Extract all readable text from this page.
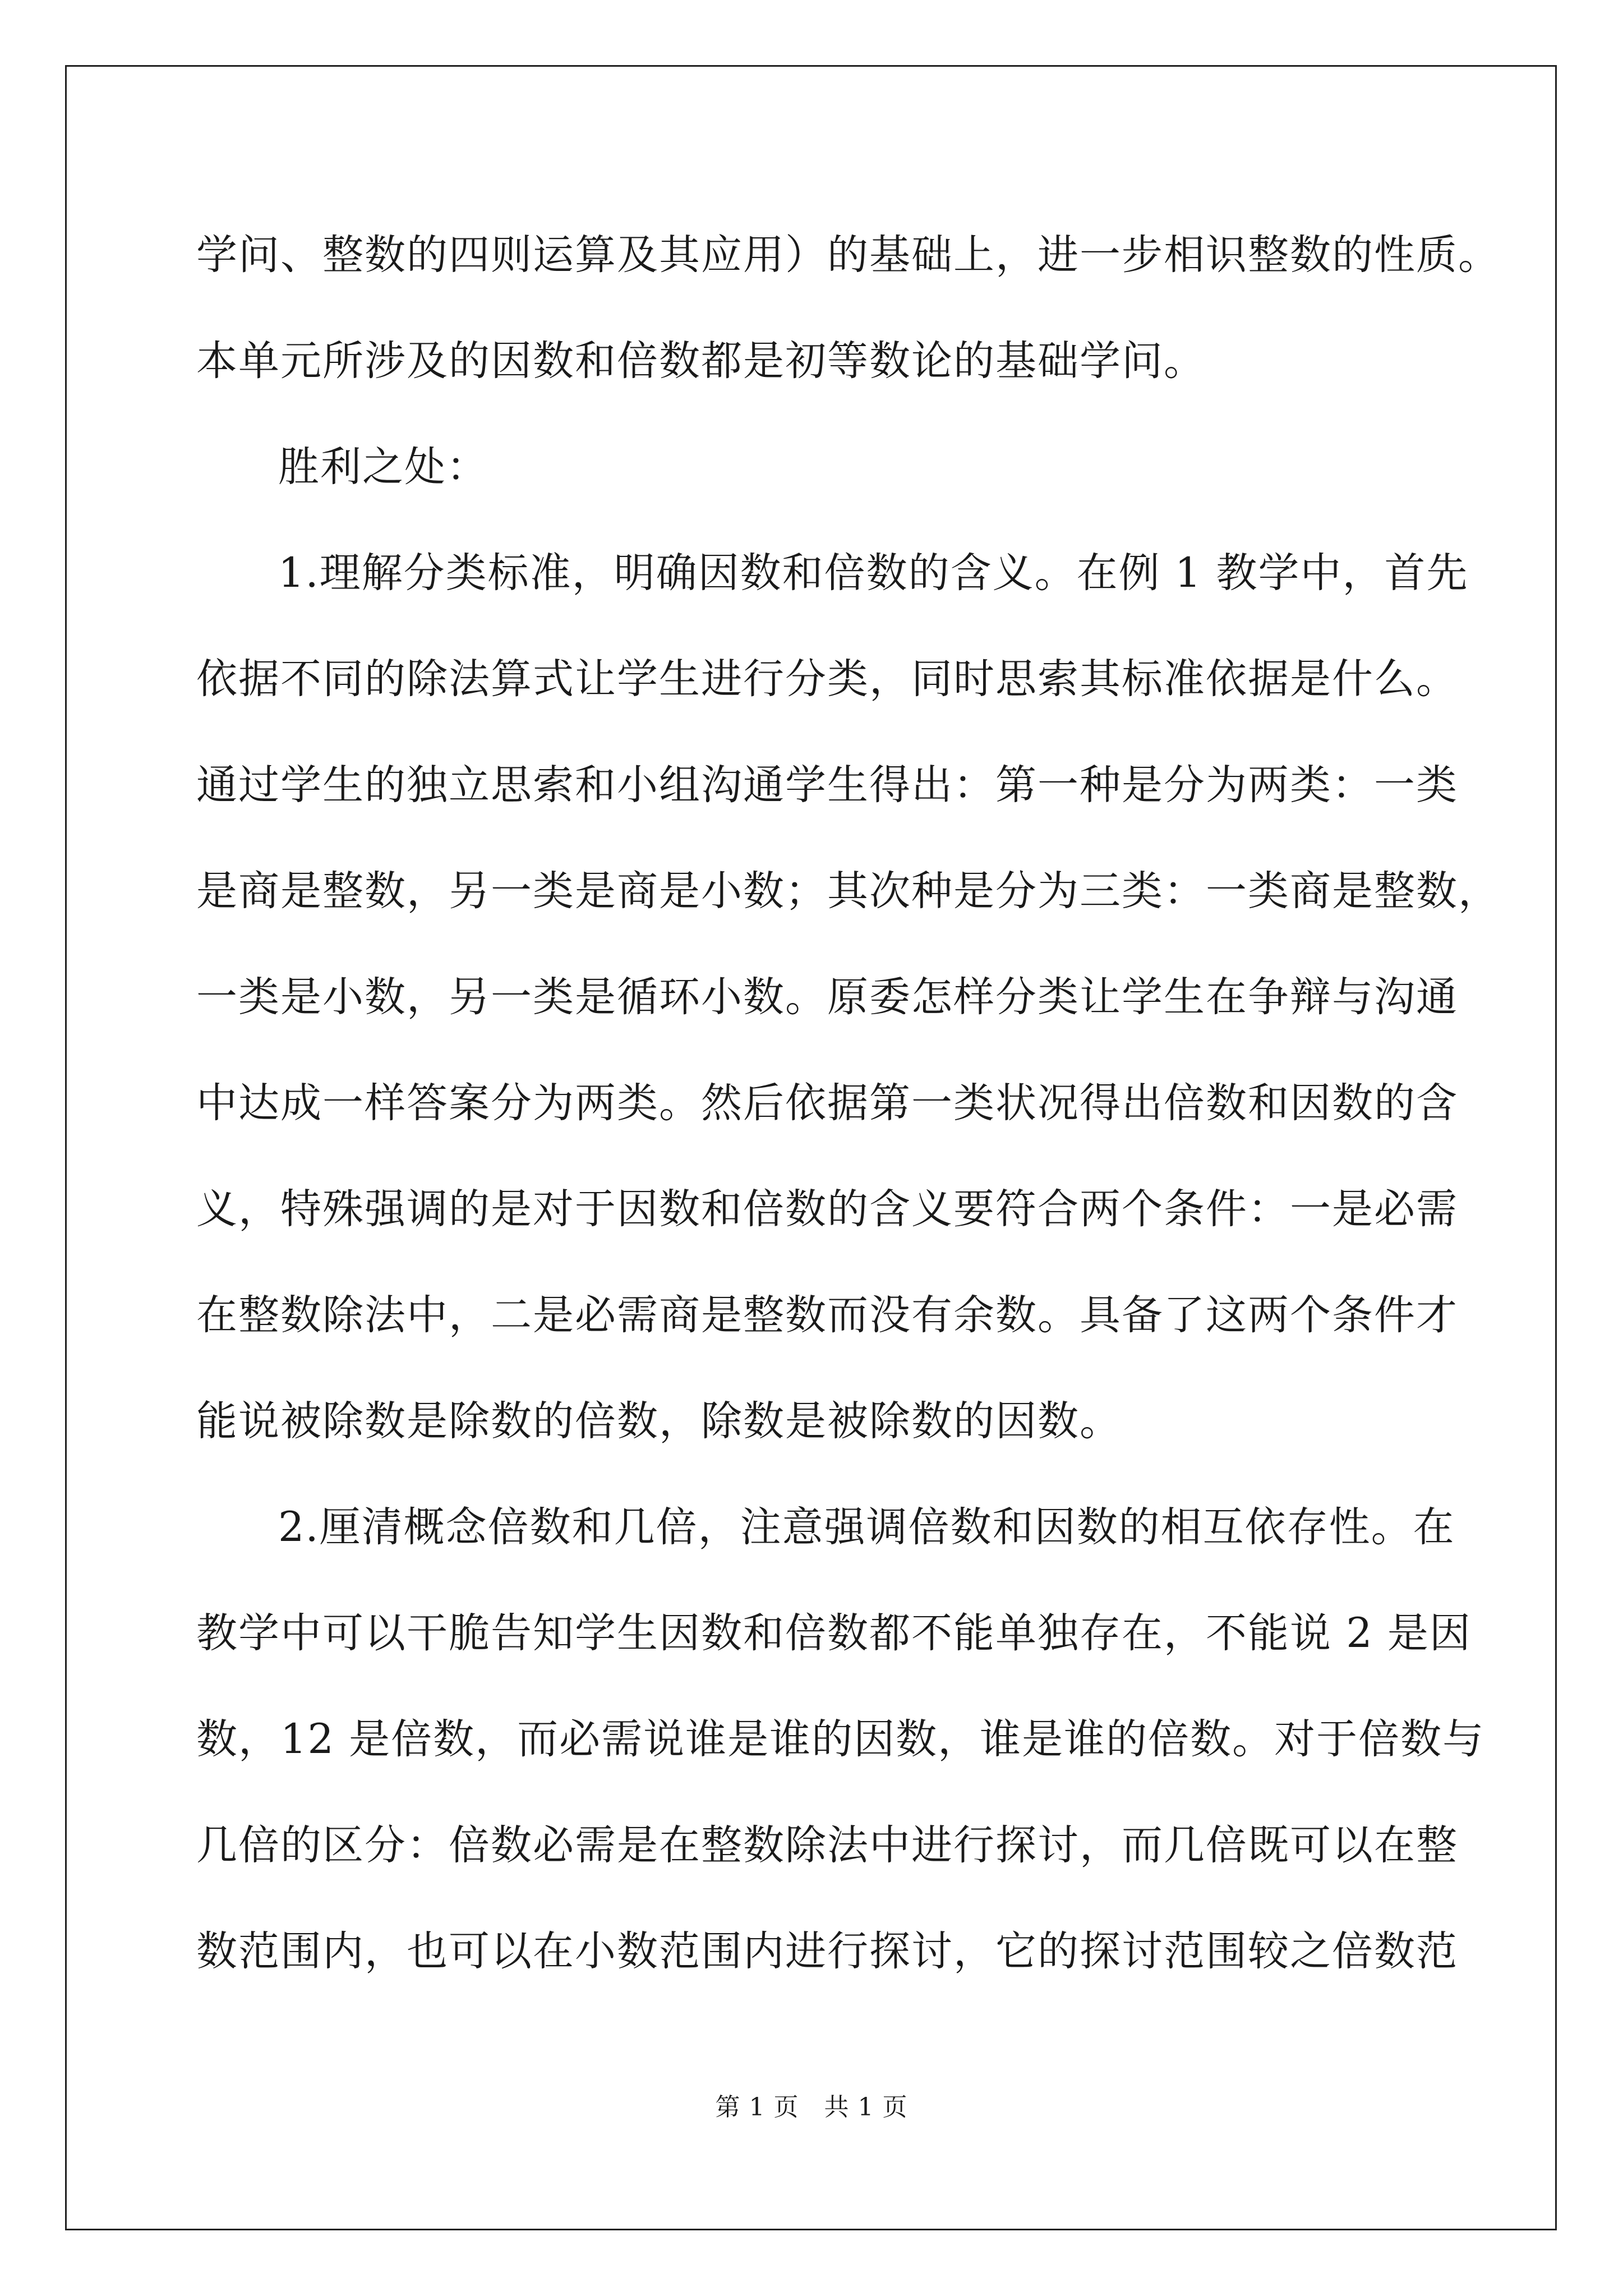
学问、整数的四则运算及其应用）的基础上，进一步相识整数的性质。
本单元所涉及的因数和倍数都是初等数论的基础学问。
胜利之处：
1.理解分类标准，明确因数和倍数的含义。在例 1 教学中，首先
依据不同的除法算式让学生进行分类，同时思索其标准依据是什么。
通过学生的独立思索和小组沟通学生得出：第一种是分为两类：一类
是商是整数，另一类是商是小数；其次种是分为三类：一类商是整数，
一类是小数，另一类是循环小数。原委怎样分类让学生在争辩与沟通
中达成一样答案分为两类。然后依据第一类状况得出倍数和因数的含
义，特殊强调的是对于因数和倍数的含义要符合两个条件：一是必需
在整数除法中，二是必需商是整数而没有余数。具备了这两个条件才
能说被除数是除数的倍数，除数是被除数的因数。
2.厘清概念倍数和几倍，注意强调倍数和因数的相互依存性。在
教学中可以干脆告知学生因数和倍数都不能单独存在，不能说 2 是因
数，12 是倍数，而必需说谁是谁的因数，谁是谁的倍数。对于倍数与
几倍的区分：倍数必需是在整数除法中进行探讨，而几倍既可以在整
数范围内，也可以在小数范围内进行探讨，它的探讨范围较之倍数范
第 1 页　共 1 页
